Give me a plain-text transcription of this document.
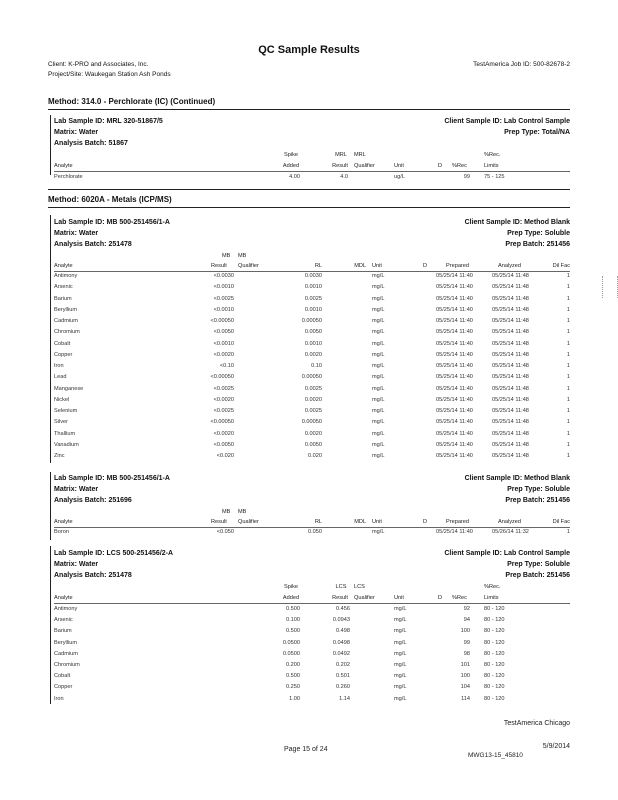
QC Sample Results
Client: K-PRO and Associates, Inc.
Project/Site: Waukegan Station Ash Ponds
TestAmerica Job ID: 500-82678-2
Method: 314.0 - Perchlorate (IC) (Continued)
Lab Sample ID: MRL 320-51867/5
Matrix: Water
Analysis Batch: 51867
Client Sample ID: Lab Control Sample
Prep Type: Total/NA
Spike	MRL	MRL	%Rec.
Analyte	Added	Result	Qualifier	Unit	D %Rec	Limits
Perchlorate	4.00	4.0	ug/L	99	75 - 125
Method: 6020A - Metals (ICP/MS)
Lab Sample ID: MB 500-251456/1-A
Matrix: Water
Analysis Batch: 251478
Client Sample ID: Method Blank
Prep Type: Soluble
Prep Batch: 251456
MB MB
Analyte	Result Qualifier	RL	MDL Unit	D	Prepared	Analyzed	Dil Fac
Antimony	<0.0030	0.0030	mg/L	05/25/14 11:40	05/25/14 11:48	1
Arsenic	<0.0010	0.0010	mg/L	05/25/14 11:40	05/25/14 11:48	1
Barium	<0.0025	0.0025	mg/L	05/25/14 11:40	05/25/14 11:48	1
Beryllium	<0.0010	0.0010	mg/L	05/25/14 11:40	05/25/14 11:48	1
Cadmium	<0.00050	0.00050	mg/L	05/25/14 11:40	05/25/14 11:48	1
Chromium	<0.0050	0.0050	mg/L	05/25/14 11:40	05/25/14 11:48	1
Cobalt	<0.0010	0.0010	mg/L	05/25/14 11:40	05/25/14 11:48	1
Copper	<0.0020	0.0020	mg/L	05/25/14 11:40	05/25/14 11:48	1
Iron	<0.10	0.10	mg/L	05/25/14 11:40	05/25/14 11:48	1
Lead	<0.00050	0.00050	mg/L	05/25/14 11:40	05/25/14 11:48	1
Manganese	<0.0025	0.0025	mg/L	05/25/14 11:40	05/25/14 11:48	1
Nickel	<0.0020	0.0020	mg/L	05/25/14 11:40	05/25/14 11:48	1
Selenium	<0.0025	0.0025	mg/L	05/25/14 11:40	05/25/14 11:48	1
Silver	<0.00050	0.00050	mg/L	05/25/14 11:40	05/25/14 11:48	1
Thallium	<0.0020	0.0020	mg/L	05/25/14 11:40	05/25/14 11:48	1
Vanadium	<0.0050	0.0050	mg/L	05/25/14 11:40	05/25/14 11:48	1
Zinc	<0.020	0.020	mg/L	05/25/14 11:40	05/25/14 11:48	1
Lab Sample ID: MB 500-251456/1-A
Matrix: Water
Analysis Batch: 251696
Client Sample ID: Method Blank
Prep Type: Soluble
Prep Batch: 251456
MB MB
Analyte	Result Qualifier	RL	MDL Unit	D	Prepared	Analyzed	Dil Fac
Boron	<0.050	0.050	mg/L	05/25/14 11:40	05/26/14 11:32	1
Lab Sample ID: LCS 500-251456/2-A
Matrix: Water
Analysis Batch: 251478
Client Sample ID: Lab Control Sample
Prep Type: Soluble
Prep Batch: 251456
Spike	LCS	LCS	%Rec.
Analyte	Added	Result	Qualifier	Unit	D %Rec	Limits
Antimony	0.500	0.456	mg/L	92	80 - 120
Arsenic	0.100	0.0943	mg/L	94	80 - 120
Barium	0.500	0.498	mg/L	100	80 - 120
Beryllium	0.0500	0.0498	mg/L	99	80 - 120
Cadmium	0.0500	0.0492	mg/L	98	80 - 120
Chromium	0.200	0.202	mg/L	101	80 - 120
Cobalt	0.500	0.501	mg/L	100	80 - 120
Copper	0.250	0.260	mg/L	104	80 - 120
Iron	1.00	1.14	mg/L	114	80 - 120
TestAmerica Chicago
Page 15 of 24	5/9/2014
MWG13-15_45810
